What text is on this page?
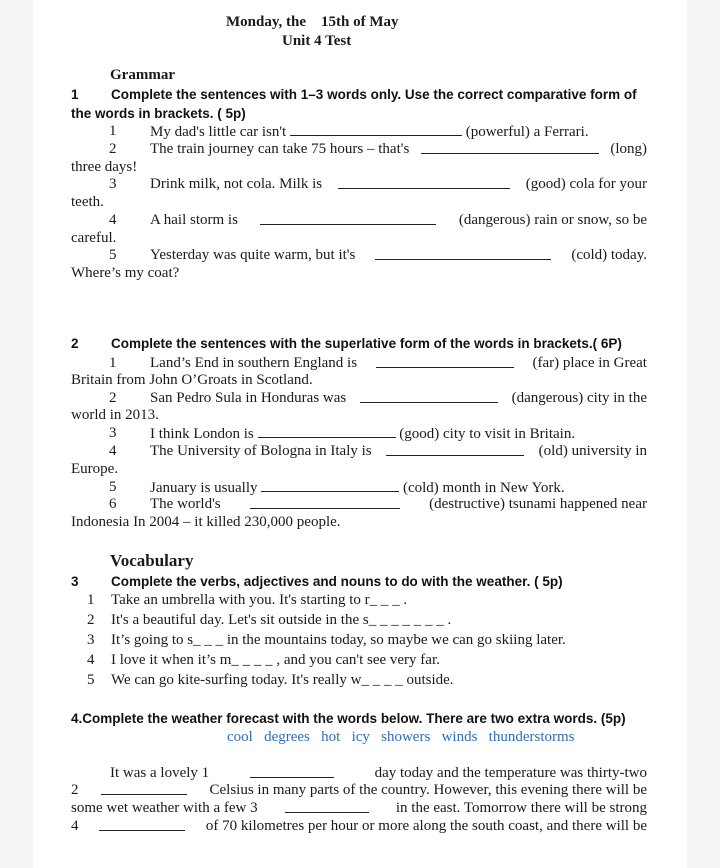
Monday, the    15th of May
Unit 4 Test
Grammar
1 Complete the sentences with 1–3 words only. Use the correct comparative form of
the words in brackets. ( 5p)
1 My dad's little car isn't	(powerful) a Ferrari.
2 The train journey can take 75 hours – that's	(long)
three days!
3 Drink milk, not cola. Milk is	(good) cola for your
teeth.
4 A hail storm is	(dangerous) rain or snow, so be
careful.
5 Yesterday was quite warm, but it's	(cold) today.
Where’s my coat?
2 Complete the sentences with the superlative form of the words in brackets.( 6P)
1 Land’s End in southern England is	(far) place in Great
Britain from John O’Groats in Scotland.
2 San Pedro Sula in Honduras was	(dangerous) city in the
world in 2013.
3 I think London is	(good) city to visit in Britain.
4 The University of Bologna in Italy is	(old) university in
Europe.
5 January is usually	(cold) month in New York.
6 The world's	(destructive) tsunami happened near
Indonesia In 2004 – it killed 230,000 people.
Vocabulary
3 Complete the verbs, adjectives and nouns to do with the weather. ( 5p)
1 Take an umbrella with you. It's starting to r_ _ _ .
2 It's a beautiful day. Let's sit outside in the s_ _ _ _ _ _ _ .
3 It’s going to s_ _ _ in the mountains today, so maybe we can go skiing later.
4 I love it when it’s m_ _ _ _ , and you can't see very far.
5 We can go kite-surfing today. It's really w_ _ _ _ outside.
4.Complete the weather forecast with the words below. There are two extra words. (5p)
cool degrees hot icy showers winds thunderstorms
It was a lovely 1	day today and the temperature was thirty-two
2	Celsius in many parts of the country. However, this evening there will be
some wet weather with a few 3	in the east. Tomorrow there will be strong
4	of 70 kilometres per hour or more along the south coast, and there will be
